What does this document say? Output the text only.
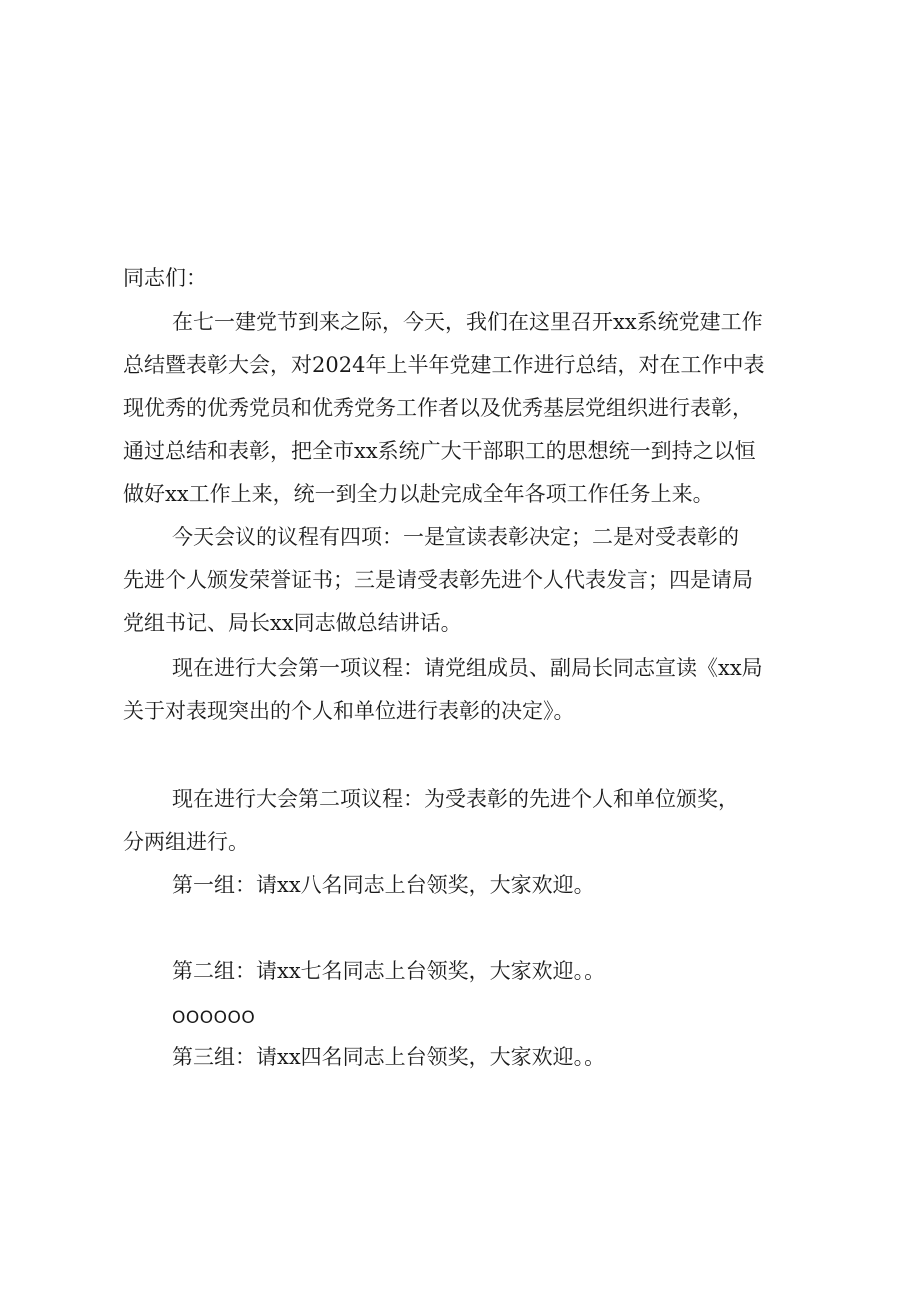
同志们：
在七一建党节到来之际，今天，我们在这里召开xx系统党建工作
总结暨表彰大会，对2024年上半年党建工作进行总结，对在工作中表
现优秀的优秀党员和优秀党务工作者以及优秀基层党组织进行表彰，
通过总结和表彰，把全市xx系统广大干部职工的思想统一到持之以恒
做好xx工作上来，统一到全力以赴完成全年各项工作任务上来。
今天会议的议程有四项：一是宣读表彰决定；二是对受表彰的
先进个人颁发荣誉证书；三是请受表彰先进个人代表发言；四是请局
党组书记、局长xx同志做总结讲话。
现在进行大会第一项议程：请党组成员、副局长同志宣读《xx局
关于对表现突出的个人和单位进行表彰的决定》。
现在进行大会第二项议程：为受表彰的先进个人和单位颁奖，
分两组进行。
第一组：请xx八名同志上台领奖，大家欢迎。
第二组：请xx七名同志上台领奖，大家欢迎。。
OOOOOO
第三组：请xx四名同志上台领奖，大家欢迎。。
